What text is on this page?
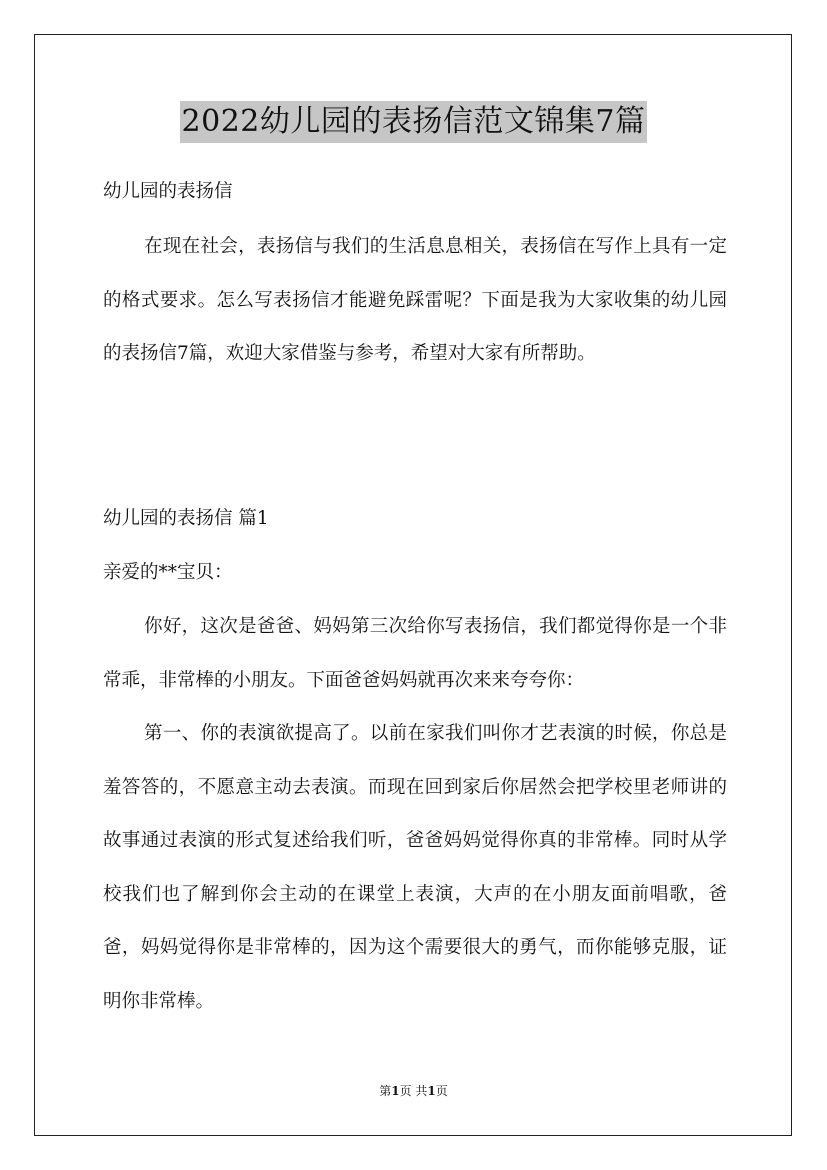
2022幼儿园的表扬信范文锦集7篇

幼儿园的表扬信

在现在社会，表扬信与我们的生活息息相关，表扬信在写作上具有一定的格式要求。怎么写表扬信才能避免踩雷呢？下面是我为大家收集的幼儿园的表扬信7篇，欢迎大家借鉴与参考，希望对大家有所帮助。

幼儿园的表扬信 篇1

亲爱的**宝贝：

你好，这次是爸爸、妈妈第三次给你写表扬信，我们都觉得你是一个非常乖，非常棒的小朋友。下面爸爸妈妈就再次来来夸夸你：

第一、你的表演欲提高了。以前在家我们叫你才艺表演的时候，你总是羞答答的，不愿意主动去表演。而现在回到家后你居然会把学校里老师讲的故事通过表演的形式复述给我们听，爸爸妈妈觉得你真的非常棒。同时从学校我们也了解到你会主动的在课堂上表演，大声的在小朋友面前唱歌，爸爸，妈妈觉得你是非常棒的，因为这个需要很大的勇气，而你能够克服，证明你非常棒。

第1页 共1页
